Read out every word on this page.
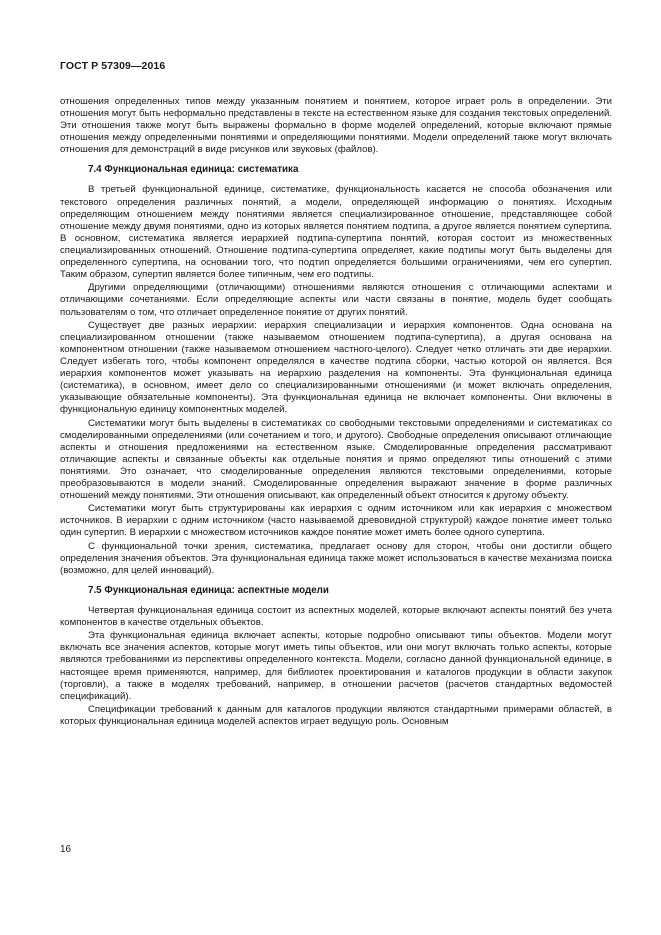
ГОСТ Р 57309—2016

отношения определенных типов между указанным понятием и понятием, которое играет роль в определении. Эти отношения могут быть неформально представлены в тексте на естественном языке для создания текстовых определений. Эти отношения также могут быть выражены формально в форме моделей определений, которые включают прямые отношения между определенными понятиями и определяющими понятиями. Модели определений также могут включать отношения для демонстраций в виде рисунков или звуковых (файлов).

7.4 Функциональная единица: систематика

В третьей функциональной единице, систематике, функциональность касается не способа обозначения или текстового определения различных понятий, а модели, определяющей информацию о понятиях. Исходным определяющим отношением между понятиями является специализированное отношение, представляющее собой отношение между двумя понятиями, одно из которых является понятием подтипа, а другое является понятием супертипа. В основном, систематика является иерархией подтипа-супертипа понятий, которая состоит из множественных специализированных отношений. Отношение подтипа-супертипа определяет, какие подтипы могут быть выделены для определенного супертипа, на основании того, что подтип определяется большими ограничениями, чем его супертип. Таким образом, супертип является более типичным, чем его подтипы.

Другими определяющими (отличающими) отношениями являются отношения с отличающими аспектами и отличающими сочетаниями. Если определяющие аспекты или части связаны в понятие, модель будет сообщать пользователям о том, что отличает определенное понятие от других понятий.

Существует две разных иерархии: иерархия специализации и иерархия компонентов. Одна основана на специализированном отношении (также называемом отношением подтипа-супертипа), а другая основана на компонентном отношении (также называемом отношением частного-целого). Следует четко отличать эти две иерархии. Следует избегать того, чтобы компонент определялся в качестве подтипа сборки, частью которой он является. Вся иерархия компонентов может указывать на иерархию разделения на компоненты. Эта функциональная единица (систематика), в основном, имеет дело со специализированными отношениями (и может включать определения, указывающие обязательные компоненты). Эта функциональная единица не включает компоненты. Они включены в функциональную единицу компонентных моделей.

Систематики могут быть выделены в систематиках со свободными текстовыми определениями и систематиках со смоделированными определениями (или сочетанием и того, и другого). Свободные определения описывают отличающие аспекты и отношения предложениями на естественном языке. Смоделированные определения рассматривают отличающие аспекты и связанные объекты как отдельные понятия и прямо определяют типы отношений с этими понятиями. Это означает, что смоделированные определения являются текстовыми определениями, которые преобразовываются в модели знаний. Смоделированные определения выражают значение в форме различных отношений между понятиями. Эти отношения описывают, как определенный объект относится к другому объекту.

Систематики могут быть структурированы как иерархия с одним источником или как иерархия с множеством источников. В иерархии с одним источником (часто называемой древовидной структурой) каждое понятие имеет только один супертип. В иерархии с множеством источников каждое понятие может иметь более одного супертипа.

С функциональной точки зрения, систематика, предлагает основу для сторон, чтобы они достигли общего определения значения объектов. Эта функциональная единица также может использоваться в качестве механизма поиска (возможно, для целей инноваций).

7.5 Функциональная единица: аспектные модели

Четвертая функциональная единица состоит из аспектных моделей, которые включают аспекты понятий без учета компонентов в качестве отдельных объектов.

Эта функциональная единица включает аспекты, которые подробно описывают типы объектов. Модели могут включать все значения аспектов, которые могут иметь типы объектов, или они могут включать только аспекты, которые являются требованиями из перспективы определенного контекста. Модели, согласно данной функциональной единице, в настоящее время применяются, например, для библиотек проектирования и каталогов продукции в области закупок (торговли), а также в моделях требований, например, в отношении расчетов (расчетов стандартных ведомостей спецификаций).

Спецификации требований к данным для каталогов продукции являются стандартными примерами областей, в которых функциональная единица моделей аспектов играет ведущую роль. Основным

16
